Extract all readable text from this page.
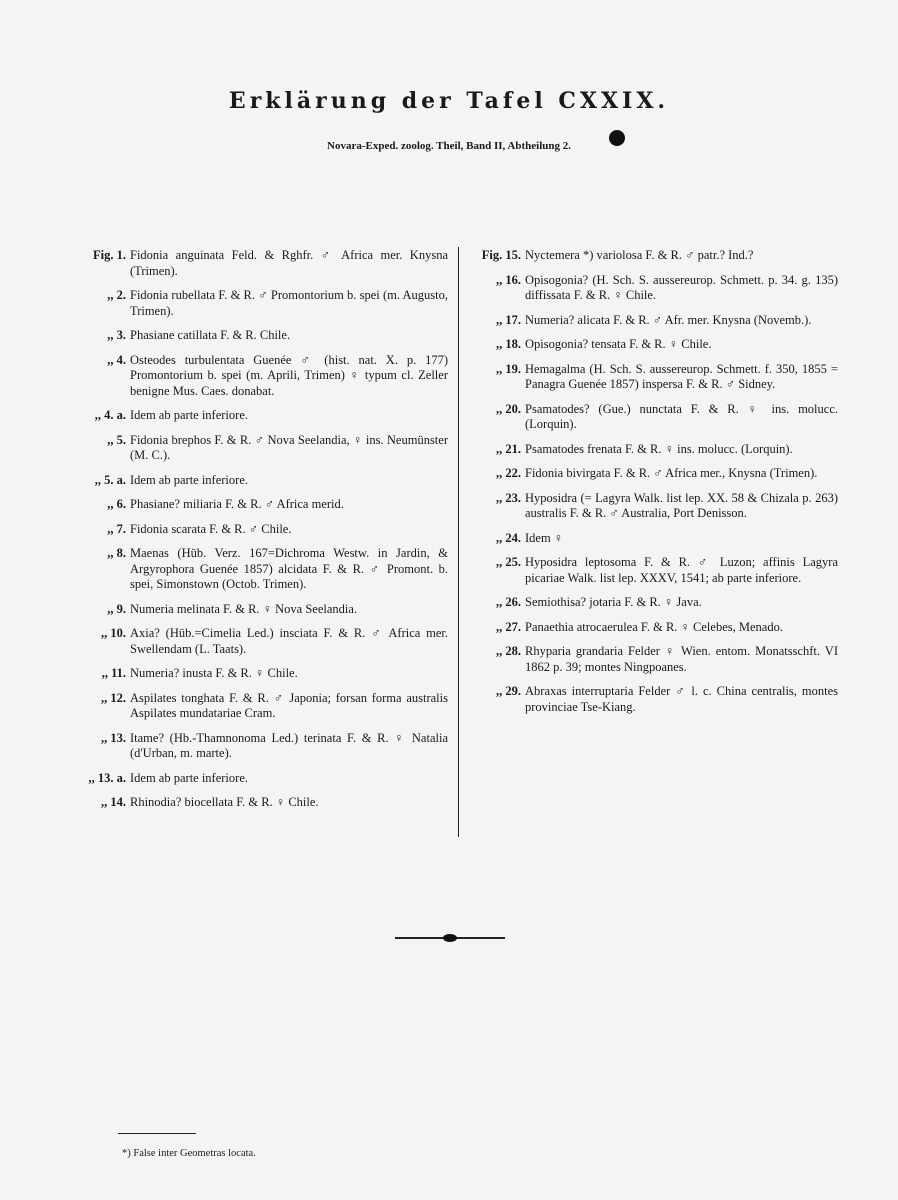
Erklärung der Tafel CXXIX.
Novara-Exped. zoolog. Theil, Band II, Abtheilung 2.
Fig. 1. Fidonia anguinata Feld. & Rghfr. ♂ Africa mer. Knysna (Trimen).
,, 2. Fidonia rubellata F. & R. ♂ Promontorium b. spei (m. Augusto, Trimen).
,, 3. Phasiane catillata F. & R. Chile.
,, 4. Osteodes turbulentata Guenée ♂ (hist. nat. X. p. 177) Promontorium b. spei (m. Aprili, Trimen) ♀ typum cl. Zeller benigne Mus. Caes. donabat.
,, 4. a. Idem ab parte inferiore.
,, 5. Fidonia brephos F. & R. ♂ Nova Seelandia, ♀ ins. Neumünster (M. C.).
,, 5. a. Idem ab parte inferiore.
,, 6. Phasiane? miliaria F. & R. ♂ Africa merid.
,, 7. Fidonia scarata F. & R. ♂ Chile.
,, 8. Maenas (Hüb. Verz. 167=Dichroma Westw. in Jardin, & Argyrophora Guenée 1857) alcidata F. & R. ♂ Promont. b. spei, Simonstown (Octob. Trimen).
,, 9. Numeria melinata F. & R. ♀ Nova Seelandia.
,, 10. Axia? (Hüb.=Cimelia Led.) insciata F. & R. ♂ Africa mer. Swellendam (L. Taats).
,, 11. Numeria? inusta F. & R. ♀ Chile.
,, 12. Aspilates tonghata F. & R. ♂ Japonia; forsan forma australis Aspilates mundatariae Cram.
,, 13. Itame? (Hb.-Thamnonoma Led.) terinata F. & R. ♀ Natalia (d'Urban, m. marte).
,, 13. a. Idem ab parte inferiore.
,, 14. Rhinodia? biocellata F. & R. ♀ Chile.
Fig. 15. Nyctemera *) variolosa F. & R. ♂ patr.? Ind.?
,, 16. Opisogonia? (H. Sch. S. aussereurop. Schmett. p. 34. g. 135) diffissata F. & R. ♀ Chile.
,, 17. Numeria? alicata F. & R. ♂ Afr. mer. Knysna (Novemb.).
,, 18. Opisogonia? tensata F. & R. ♀ Chile.
,, 19. Hemagalma (H. Sch. S. aussereurop. Schmett. f. 350, 1855 = Panagra Guenée 1857) inspersa F. & R. ♂ Sidney.
,, 20. Psamatodes? (Gue.) nunctata F. & R. ♀ ins. molucc. (Lorquin).
,, 21. Psamatodes frenata F. & R. ♀ ins. molucc. (Lorquin).
,, 22. Fidonia bivirgata F. & R. ♂ Africa mer., Knysna (Trimen).
,, 23. Hyposidra (= Lagyra Walk. list lep. XX. 58 & Chizala p. 263) australis F. & R. ♂ Australia, Port Denisson.
,, 24. Idem ♀
,, 25. Hyposidra leptosoma F. & R. ♂ Luzon; affinis Lagyra picariae Walk. list lep. XXXV, 1541; ab parte inferiore.
,, 26. Semiothisa? jotaria F. & R. ♀ Java.
,, 27. Panaethia atrocaerulea F. & R. ♀ Celebes, Menado.
,, 28. Rhyparia grandaria Felder ♀ Wien. entom. Monatsschft. VI 1862 p. 39; montes Ningpoanes.
,, 29. Abraxas interruptaria Felder ♂ l. c. China centralis, montes provinciae Tse-Kiang.
*) False inter Geometras locata.
